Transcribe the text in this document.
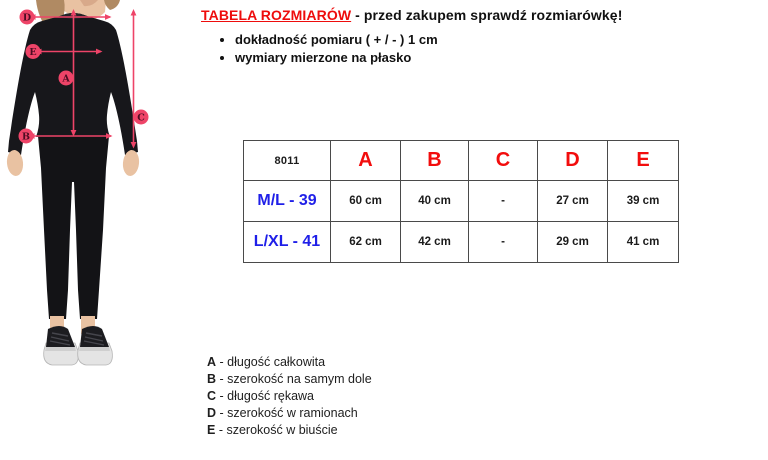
D
E
A
B
C
TABELA ROZMIARÓW - przed zakupem sprawdź rozmiarówkę!
• dokładność pomiaru ( + / - ) 1 cm
• wymiary mierzone na płasko
8011	A	B	C	D	E
M/L - 39	60 cm	40 cm	-	27 cm	39 cm
L/XL - 41	62 cm	42 cm	-	29 cm	41 cm
A - długość całkowita
B - szerokość na samym dole
C - długość rękawa
D - szerokość w ramionach
E - szerokość w biuście
